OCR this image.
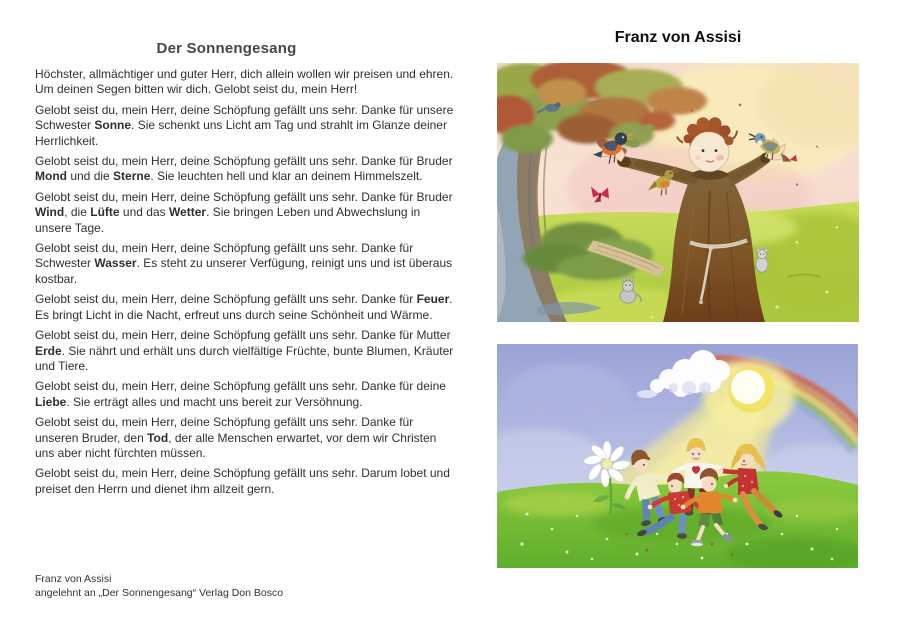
Der Sonnengesang

Höchster, allmächtiger und guter Herr, dich allein wollen wir preisen und ehren. Um deinen Segen bitten wir dich. Gelobt seist du, mein Herr!

Gelobt seist du, mein Herr, deine Schöpfung gefällt uns sehr. Danke für unsere Schwester Sonne. Sie schenkt uns Licht am Tag und strahlt im Glanze deiner Herrlichkeit.

Gelobt seist du, mein Herr, deine Schöpfung gefällt uns sehr. Danke für Bruder Mond und die Sterne. Sie leuchten hell und klar an deinem Himmelszelt.

Gelobt seist du, mein Herr, deine Schöpfung gefällt uns sehr. Danke für Bruder Wind, die Lüfte und das Wetter. Sie bringen Leben und Abwechslung in unsere Tage.

Gelobt seist du, mein Herr, deine Schöpfung gefällt uns sehr. Danke für Schwester Wasser. Es steht zu unserer Verfügung, reinigt uns und ist überaus kostbar.

Gelobt seist du, mein Herr, deine Schöpfung gefällt uns sehr. Danke für Feuer. Es bringt Licht in die Nacht, erfreut uns durch seine Schönheit und Wärme.

Gelobt seist du, mein Herr, deine Schöpfung gefällt uns sehr. Danke für Mutter Erde. Sie nährt und erhält uns durch vielfältige Früchte, bunte Blumen, Kräuter und Tiere.

Gelobt seist du, mein Herr, deine Schöpfung gefällt uns sehr. Danke für deine Liebe. Sie erträgt alles und macht uns bereit zur Versöhnung.

Gelobt seist du, mein Herr, deine Schöpfung gefällt uns sehr. Danke für unseren Bruder, den Tod, der alle Menschen erwartet, vor dem wir Christen uns aber nicht fürchten müssen.

Gelobt seist du, mein Herr, deine Schöpfung gefällt uns sehr. Darum lobet und preiset den Herrn und dienet ihm allzeit gern.

Franz von Assisi
angelehnt an „Der Sonnengesang“ Verlag Don Bosco
Franz von Assisi
